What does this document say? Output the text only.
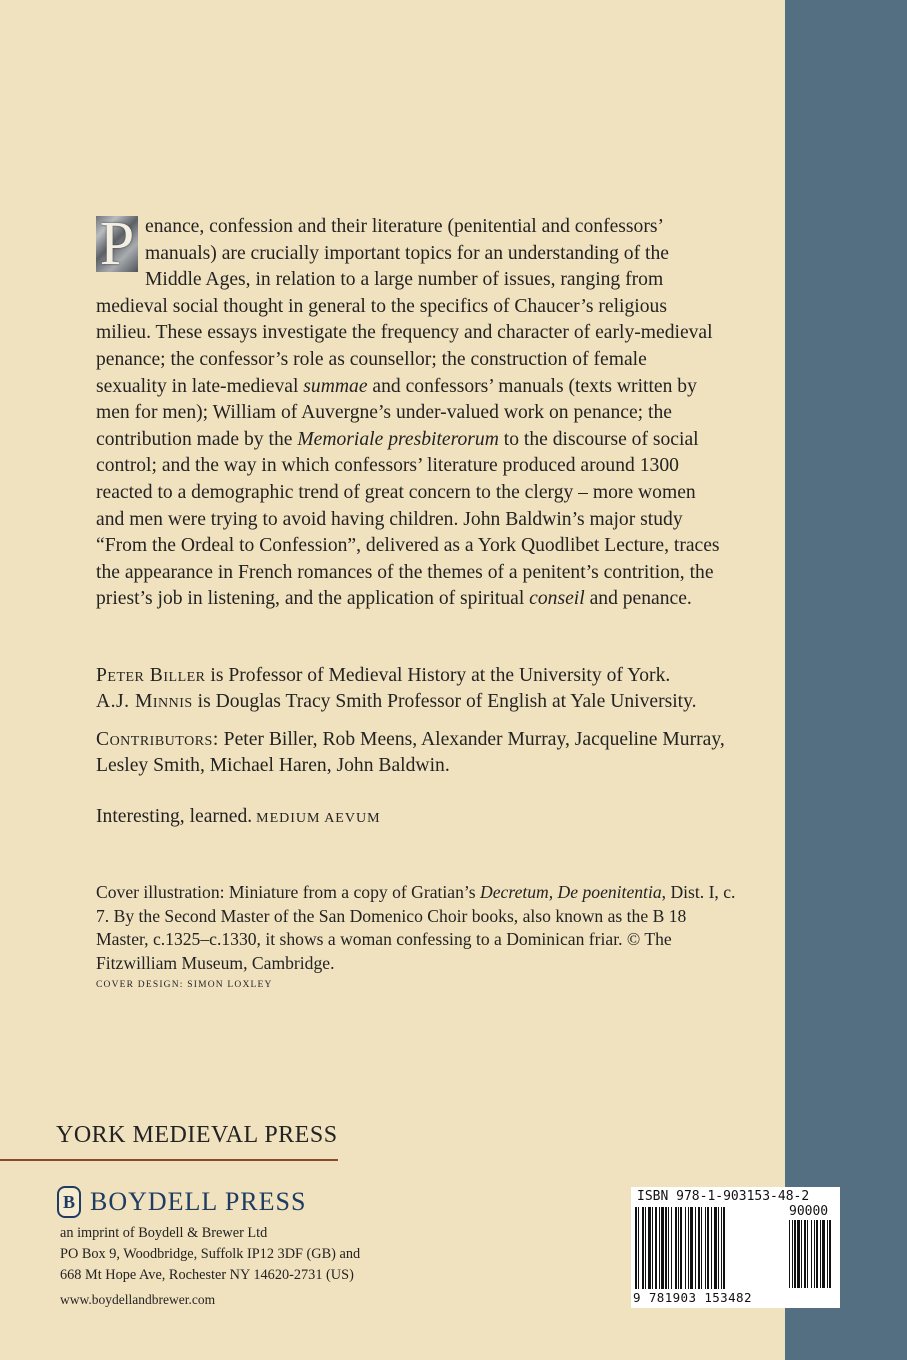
P enance, confession and their literature (penitential and confessors’ manuals) are crucially important topics for an understanding of the Middle Ages, in relation to a large number of issues, ranging from medieval social thought in general to the specifics of Chaucer’s religious milieu. These essays investigate the frequency and character of early-medieval penance; the confessor’s role as counsellor; the construction of female sexuality in late-medieval summae and confessors’ manuals (texts written by men for men); William of Auvergne’s under-valued work on penance; the contribution made by the Memoriale presbiterorum to the discourse of social control; and the way in which confessors’ literature produced around 1300 reacted to a demographic trend of great concern to the clergy – more women and men were trying to avoid having children. John Baldwin’s major study “From the Ordeal to Confession”, delivered as a York Quodlibet Lecture, traces the appearance in French romances of the themes of a penitent’s contrition, the priest’s job in listening, and the application of spiritual conseil and penance.

Peter Biller is Professor of Medieval History at the University of York.
A.J. Minnis is Douglas Tracy Smith Professor of English at Yale University.
Contributors: Peter Biller, Rob Meens, Alexander Murray, Jacqueline Murray, Lesley Smith, Michael Haren, John Baldwin.
Interesting, learned. MEDIUM AEVUM

Cover illustration: Miniature from a copy of Gratian’s Decretum, De poenitentia, Dist. I, c. 7. By the Second Master of the San Domenico Choir books, also known as the B 18 Master, c.1325–c.1330, it shows a woman confessing to a Dominican friar. © The Fitzwilliam Museum, Cambridge.

COVER DESIGN: SIMON LOXLEY
YORK MEDIEVAL PRESS
B BOYDELL PRESS
an imprint of Boydell & Brewer Ltd
PO Box 9, Woodbridge, Suffolk IP12 3DF (GB) and
668 Mt Hope Ave, Rochester NY 14620-2731 (US)
www.boydellandbrewer.com
ISBN 978-1-903153-48-2
90000
9 781903 153482
